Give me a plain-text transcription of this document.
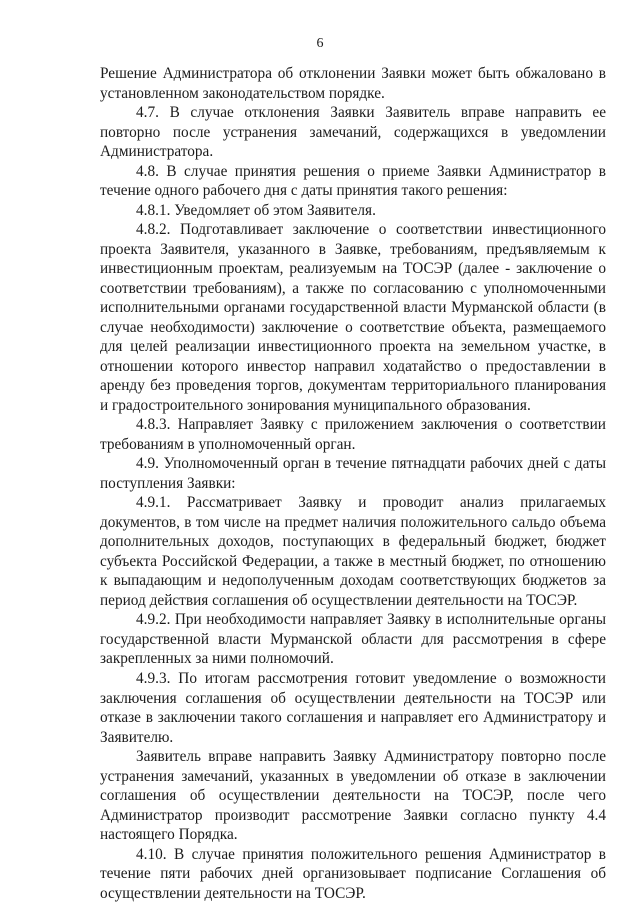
6
Решение Администратора об отклонении Заявки может быть обжаловано в
установленном законодательством порядке.
4.7. В случае отклонения Заявки Заявитель вправе направить ее
повторно после устранения замечаний, содержащихся в уведомлении
Администратора.
4.8. В случае принятия решения о приеме Заявки Администратор в
течение одного рабочего дня с даты принятия такого решения:
4.8.1. Уведомляет об этом Заявителя.
4.8.2. Подготавливает заключение о соответствии инвестиционного
проекта Заявителя, указанного в Заявке, требованиям, предъявляемым к
инвестиционным проектам, реализуемым на ТОСЭР (далее - заключение о
соответствии требованиям), а также по согласованию с уполномоченными
исполнительными органами государственной власти Мурманской области (в
случае необходимости) заключение о соответствие объекта, размещаемого
для целей реализации инвестиционного проекта на земельном участке, в
отношении которого инвестор направил ходатайство о предоставлении в
аренду без проведения торгов, документам территориального планирования
и градостроительного зонирования муниципального образования.
4.8.3. Направляет Заявку с приложением заключения о соответствии
требованиям в уполномоченный орган.
4.9. Уполномоченный орган в течение пятнадцати рабочих дней с даты
поступления Заявки:
4.9.1. Рассматривает Заявку и проводит анализ прилагаемых
документов, в том числе на предмет наличия положительного сальдо объема
дополнительных доходов, поступающих в федеральный бюджет, бюджет
субъекта Российской Федерации, а также в местный бюджет, по отношению
к выпадающим и недополученным доходам соответствующих бюджетов за
период действия соглашения об осуществлении деятельности на ТОСЭР.
4.9.2. При необходимости направляет Заявку в исполнительные органы
государственной власти Мурманской области для рассмотрения в сфере
закрепленных за ними полномочий.
4.9.3. По итогам рассмотрения готовит уведомление о возможности
заключения соглашения об осуществлении деятельности на ТОСЭР или
отказе в заключении такого соглашения и направляет его Администратору и
Заявителю.
Заявитель вправе направить Заявку Администратору повторно после
устранения замечаний, указанных в уведомлении об отказе в заключении
соглашения об осуществлении деятельности на ТОСЭР, после чего
Администратор производит рассмотрение Заявки согласно пункту 4.4
настоящего Порядка.
4.10. В случае принятия положительного решения Администратор в
течение пяти рабочих дней организовывает подписание Соглашения об
осуществлении деятельности на ТОСЭР.
